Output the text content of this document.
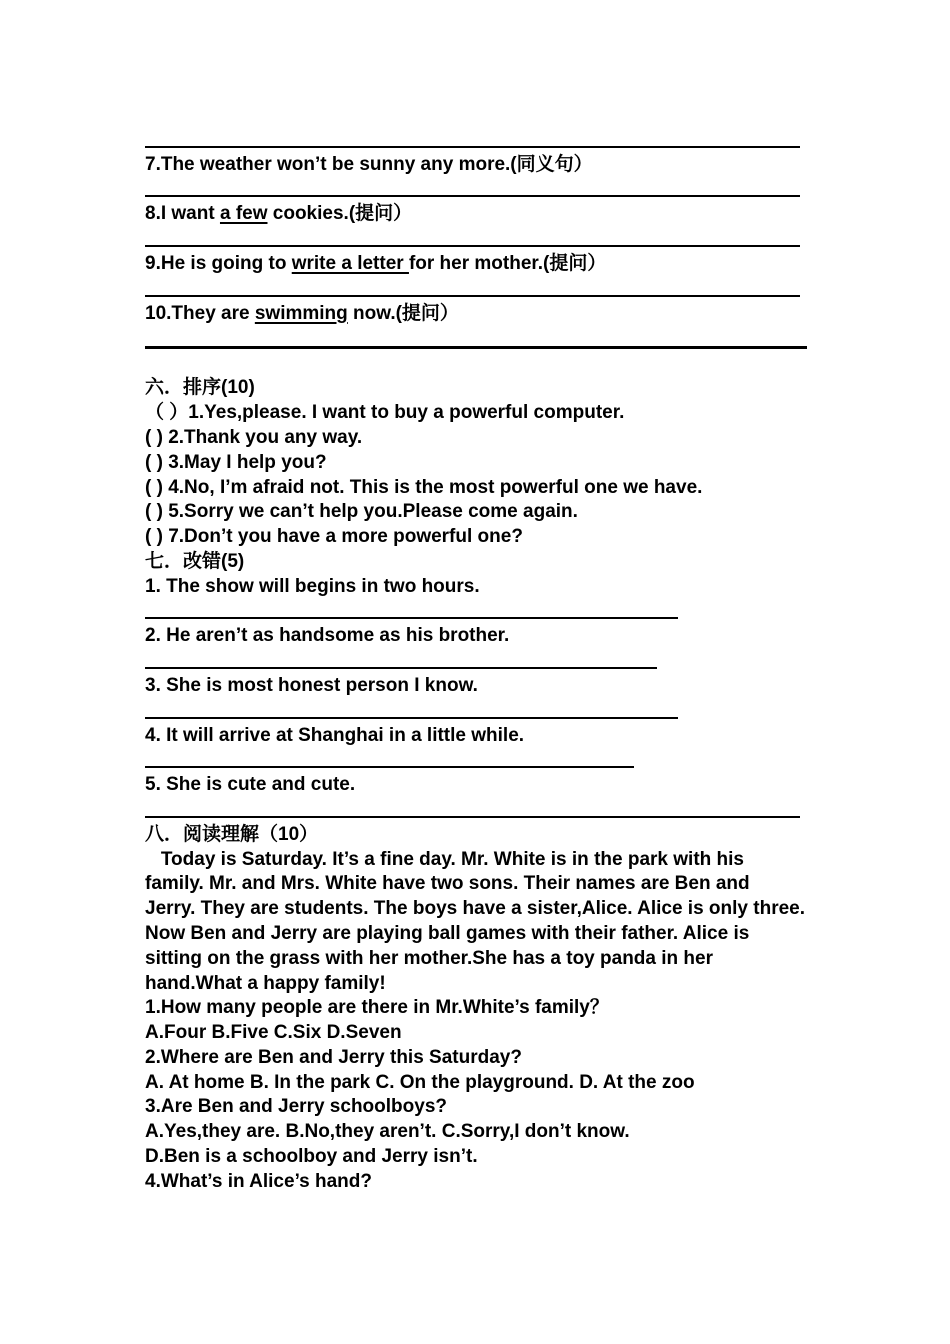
7.The weather won’t be sunny any more.(同义句）
8.I want a few cookies.(提问）
9.He is going to write a letter for her mother.(提问）
10.They are swimming now.(提问）
六．排序(10)
（ ）1.Yes,please. I want to buy a powerful computer.
( ) 2.Thank you any way.
( ) 3.May I help you?
( ) 4.No, I’m afraid not. This is the most powerful one we have.
( ) 5.Sorry we can’t help you.Please come again.
( ) 7.Don’t you have a more powerful one?
七．改错(5)
1. The show will begins in two hours.
2. He aren’t as handsome as his brother.
3. She is most honest person I know.
4. It will arrive at Shanghai in a little while.
5. She is cute and cute.
八．阅读理解（10）
Today is Saturday. It’s a fine day. Mr. White is in the park with his family. Mr. and Mrs. White have two sons. Their names are Ben and Jerry. They are students. The boys have a sister,Alice. Alice is only three. Now Ben and Jerry are playing ball games with their father. Alice is sitting on the grass with her mother.She has a toy panda in her hand.What a happy family!
1.How many people are there in Mr.White’s family？
A.Four B.Five C.Six D.Seven
2.Where are Ben and Jerry this Saturday?
A. At home B. In the park C. On the playground. D. At the zoo
3.Are Ben and Jerry schoolboys?
A.Yes,they are. B.No,they aren’t. C.Sorry,I don’t know.
D.Ben is a schoolboy and Jerry isn’t.
4.What’s in Alice’s hand?
